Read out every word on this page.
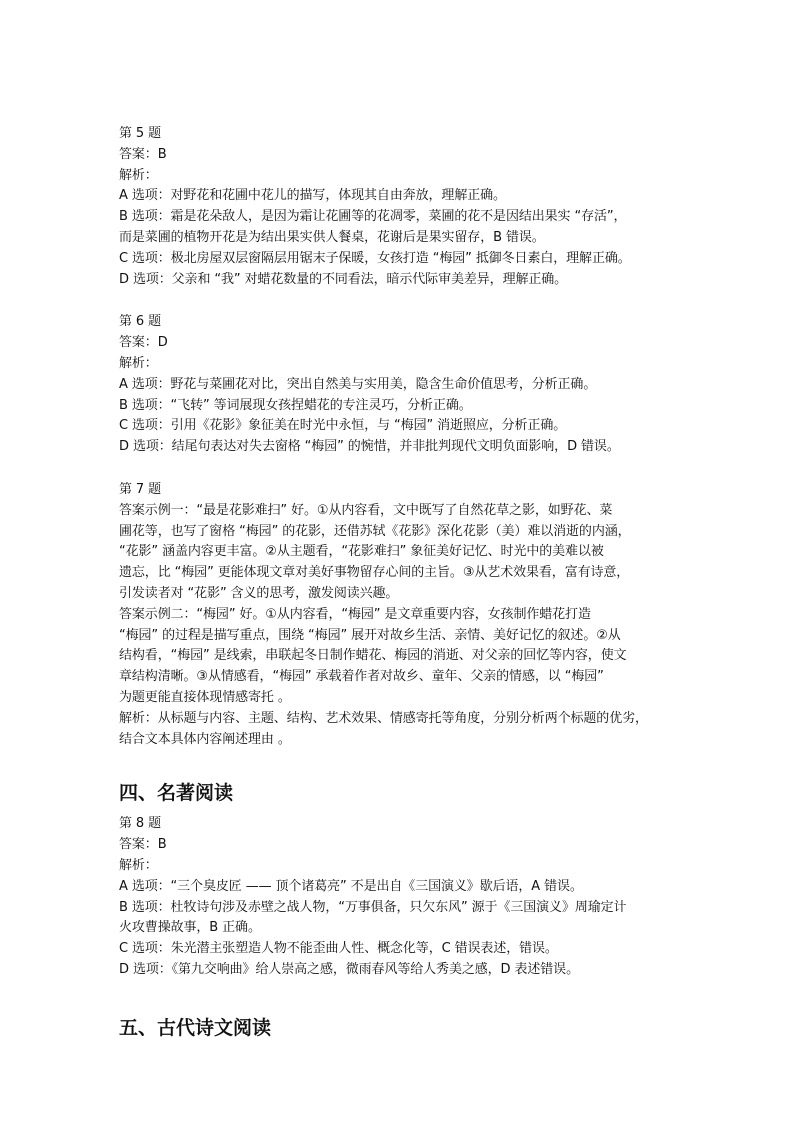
第 5 题
答案：B
解析：
A 选项：对野花和花圃中花儿的描写，体现其自由奔放，理解正确。
B 选项：霜是花朵敌人，是因为霜让花圃等的花凋零，菜圃的花不是因结出果实 “存活”，
而是菜圃的植物开花是为结出果实供人餐桌，花谢后是果实留存，B 错误。
C 选项：极北房屋双层窗隔层用锯末子保暖，女孩打造 “梅园” 抵御冬日素白，理解正确。
D 选项：父亲和 “我” 对蜡花数量的不同看法，暗示代际审美差异，理解正确。
第 6 题
答案：D
解析：
A 选项：野花与菜圃花对比，突出自然美与实用美，隐含生命价值思考，分析正确。
B 选项：“飞转” 等词展现女孩捏蜡花的专注灵巧，分析正确。
C 选项：引用《花影》象征美在时光中永恒，与 “梅园” 消逝照应，分析正确。
D 选项：结尾句表达对失去窗格 “梅园” 的惋惜，并非批判现代文明负面影响，D 错误。
第 7 题
答案示例一：“最是花影难扫” 好。①从内容看，文中既写了自然花草之影，如野花、菜
圃花等，也写了窗格 “梅园” 的花影，还借苏轼《花影》深化花影（美）难以消逝的内涵，
“花影” 涵盖内容更丰富。②从主题看，“花影难扫” 象征美好记忆、时光中的美难以被
遗忘，比 “梅园” 更能体现文章对美好事物留存心间的主旨。③从艺术效果看，富有诗意，
引发读者对 “花影” 含义的思考，激发阅读兴趣。
答案示例二：“梅园” 好。①从内容看，“梅园” 是文章重要内容，女孩制作蜡花打造
“梅园” 的过程是描写重点，围绕 “梅园” 展开对故乡生活、亲情、美好记忆的叙述。②从
结构看，“梅园” 是线索，串联起冬日制作蜡花、梅园的消逝、对父亲的回忆等内容，使文
章结构清晰。③从情感看，“梅园” 承载着作者对故乡、童年、父亲的情感，以 “梅园”
为题更能直接体现情感寄托 。
解析：从标题与内容、主题、结构、艺术效果、情感寄托等角度，分别分析两个标题的优劣，
结合文本具体内容阐述理由 。
四、名著阅读
第 8 题
答案：B
解析：
A 选项：“三个臭皮匠 —— 顶个诸葛亮” 不是出自《三国演义》歇后语，A 错误。
B 选项：杜牧诗句涉及赤壁之战人物，“万事俱备，只欠东风” 源于《三国演义》周瑜定计
火攻曹操故事，B 正确。
C 选项：朱光潜主张塑造人物不能歪曲人性、概念化等，C 错误表述，错误。
D 选项：《第九交响曲》给人崇高之感，微雨春风等给人秀美之感，D 表述错误。
五、古代诗文阅读
